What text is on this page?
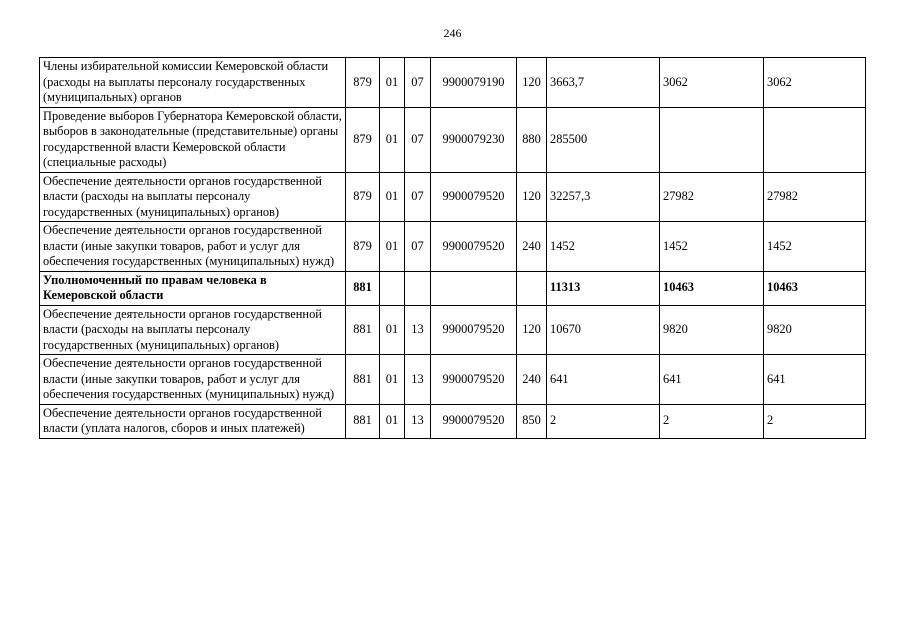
246
Члены избирательной комиссии Кемеровской области (расходы на выплаты персоналу государственных (муниципальных) органов	879	01	07	9900079190	120	3663,7	3062	3062
Проведение выборов Губернатора Кемеровской области, выборов в законодательные (представительные) органы государственной власти Кемеровской области (специальные расходы)	879	01	07	9900079230	880	285500		
Обеспечение деятельности органов государственной власти (расходы на выплаты персоналу государственных (муниципальных) органов)	879	01	07	9900079520	120	32257,3	27982	27982
Обеспечение деятельности органов государственной власти (иные закупки товаров, работ и услуг для обеспечения государственных (муниципальных) нужд)	879	01	07	9900079520	240	1452	1452	1452
Уполномоченный по правам человека в Кемеровской области	881					11313	10463	10463
Обеспечение деятельности органов государственной власти (расходы на выплаты персоналу государственных (муниципальных) органов)	881	01	13	9900079520	120	10670	9820	9820
Обеспечение деятельности органов государственной власти (иные закупки товаров, работ и услуг для обеспечения государственных (муниципальных) нужд)	881	01	13	9900079520	240	641	641	641
Обеспечение деятельности органов государственной власти (уплата налогов, сборов и иных платежей)	881	01	13	9900079520	850	2	2	2
